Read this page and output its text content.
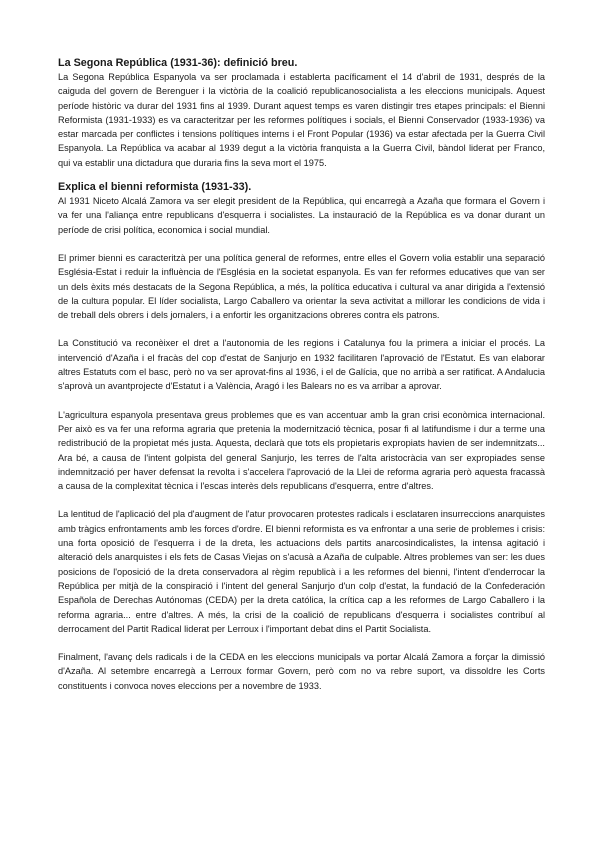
La Segona República (1931-36): definició breu.

La Segona República Espanyola va ser proclamada i establerta pacíficament el 14 d'abril de 1931, després de la caiguda del govern de Berenguer i la victòria de la coalició republicanosocialista a les eleccions municipals. Aquest període històric va durar del 1931 fins al 1939. Durant aquest temps es varen distingir tres etapes principals: el Bienni Reformista (1931-1933) es va caracteritzar per les reformes polítiques i socials, el Bienni Conservador (1933-1936) va estar marcada per conflictes i tensions polítiques interns i el Front Popular (1936) va estar afectada per la Guerra Civil Espanyola. La República va acabar al 1939 degut a la victòria franquista a la Guerra Civil, bàndol liderat per Franco, qui va establir una dictadura que duraria fins la seva mort el 1975.

Explica el bienni reformista (1931-33).

Al 1931 Niceto Alcalá Zamora va ser elegit president de la República, qui encarregà a Azaña que formara el Govern i va fer una l'aliança entre republicans d'esquerra i socialistes. La instauració de la República es va donar durant un període de crisi política, economica i social mundial.

El primer bienni es caracteritzà per una política general de reformes, entre elles el Govern volia establir una separació Església-Estat i reduir la influència de l'Església en la societat espanyola. Es van fer reformes educatives que van ser un dels èxits més destacats de la Segona República, a més, la política educativa i cultural va anar dirigida a l'extensió de la cultura popular. El líder socialista, Largo Caballero va orientar la seva activitat a millorar les condicions de vida i de treball dels obrers i dels jornalers, i a enfortir les organitzacions obreres contra els patrons.

La Constitució va reconèixer el dret a l'autonomia de les regions i Catalunya fou la primera a iniciar el procés. La intervenció d'Azaña i el fracàs del cop d'estat de Sanjurjo en 1932 facilitaren l'aprovació de l'Estatut. Es van elaborar altres Estatuts com el basc, però no va ser aprovat-fins al 1936, i el de Galícia, que no arribà a ser ratificat. A Andalucia s'aprovà un avantprojecte d'Estatut i a València, Aragó i les Balears no es va arribar a aprovar.

L'agricultura espanyola presentava greus problemes que es van accentuar amb la gran crisi econòmica internacional. Per això es va fer una reforma agraria que pretenia la modernització tècnica, posar fi al latifundisme i dur a terme una redistribució de la propietat més justa. Aquesta, declarà que tots els propietaris expropiats havien de ser indemnitzats... Ara bé, a causa de l'intent golpista del general Sanjurjo, les terres de l'alta aristocràcia van ser expropiades sense indemnització per haver defensat la revolta i s'accelera l'aprovació de la Llei de reforma agraria però aquesta fracassà a causa de la complexitat tècnica i l'escas interès dels republicans d'esquerra, entre d'altres.

La lentitud de l'aplicació del pla d'augment de l'atur provocaren protestes radicals i esclataren insurreccions anarquistes amb tràgics enfrontaments amb les forces d'ordre. El bienni reformista es va enfrontar a una serie de problemes i crisis: una forta oposició de l'esquerra i de la dreta, les actuacions dels partits anarcosindicalistes, la intensa agitació i alteració dels anarquistes i els fets de Casas Viejas on s'acusà a Azaña de culpable. Altres problemes van ser: les dues posicions de l'oposició de la dreta conservadora al règim republicà i a les reformes del bienni, l'intent d'enderrocar la República per mitjà de la conspiració i l'intent del general Sanjurjo d'un colp d'estat, la fundació de la Confederación Española de Derechas Autónomas (CEDA) per la dreta católica, la crítica cap a les reformes de Largo Caballero i la reforma agraria... entre d'altres. A més, la crisi de la coalició de republicans d'esquerra i socialistes contribuí al derrocament del Partit Radical liderat per Lerroux i l'important debat dins el Partit Socialista.

Finalment, l'avanç dels radicals i de la CEDA en les eleccions municipals va portar Alcalá Zamora a forçar la dimissió d'Azaña. Al setembre encarregà a Lerroux formar Govern, però com no va rebre suport, va dissoldre les Corts constituents i convoca noves eleccions per a novembre de 1933.
